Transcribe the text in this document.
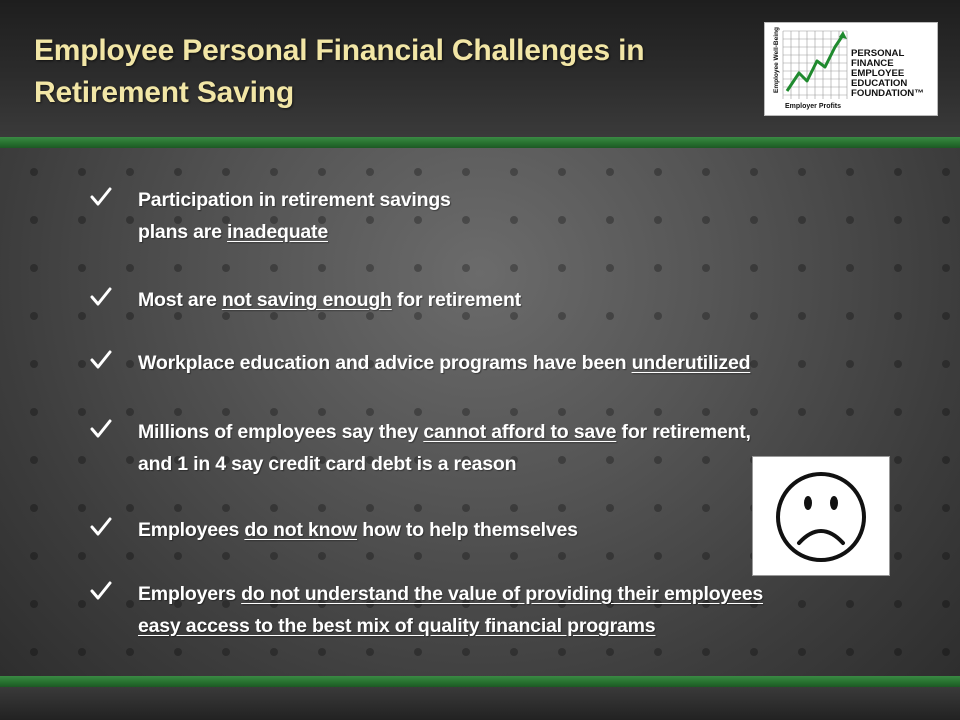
Employee Personal Financial Challenges in
Retirement Saving	Employee Well-Being
Employer Profits
PERSONAL
FINANCE
EMPLOYEE
EDUCATION
FOUNDATION™
Participation in retirement savings
plans are inadequate
Most are not saving enough for retirement
Workplace education and advice programs have been underutilized
Millions of employees say they cannot afford to save for retirement,
and 1 in 4 say credit card debt is a reason
Employees do not know how to help themselves
Employers do not understand the value of providing their employees
easy access to the best mix of quality financial programs
